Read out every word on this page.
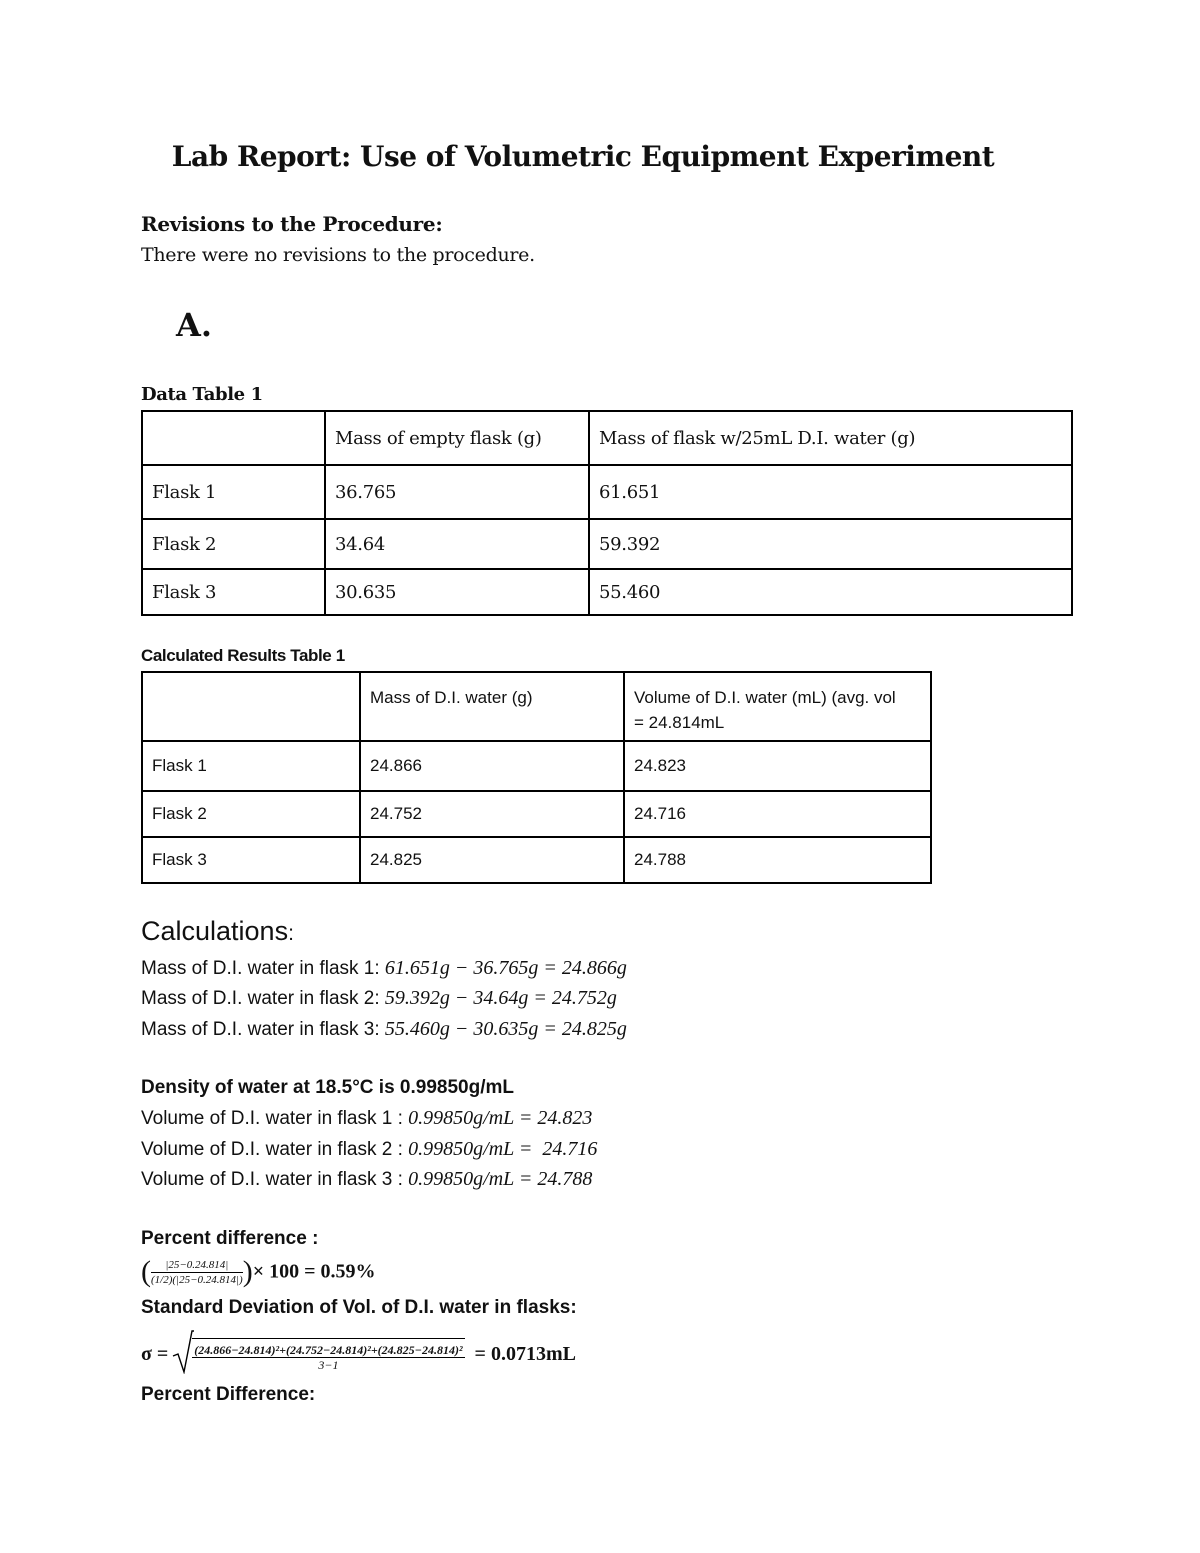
Lab Report: Use of Volumetric Equipment Experiment
Revisions to the Procedure:
There were no revisions to the procedure.
A.
Data Table 1
	Mass of empty flask (g)	Mass of flask w/25mL D.I. water (g)
Flask 1	36.765	61.651
Flask 2	34.64	59.392
Flask 3	30.635	55.460
Calculated Results Table 1
	Mass of D.I. water (g)	Volume of D.I. water (mL) (avg. vol = 24.814mL
Flask 1	24.866	24.823
Flask 2	24.752	24.716
Flask 3	24.825	24.788
Calculations:
Mass of D.I. water in flask 1: 61.651g − 36.765g = 24.866g
Mass of D.I. water in flask 2: 59.392g − 34.64g = 24.752g
Mass of D.I. water in flask 3: 55.460g − 30.635g = 24.825g
Density of water at 18.5°C is 0.99850g/mL
Volume of D.I. water in flask 1 : 0.99850g/mL = 24.823
Volume of D.I. water in flask 2 : 0.99850g/mL =  24.716
Volume of D.I. water in flask 3 : 0.99850g/mL = 24.788
Percent difference :
( $\frac{|25-0.24.814|}{(1/2)(|25-0.24.814|)}$ )× 100 = 0.59%
Standard Deviation of Vol. of D.I. water in flasks:
$\sigma = \frac{\text{(24.866−24.814)²+(24.752−24.814)²+(24.825−24.814)²}}{3-1} = 0.0713mL$
Percent Difference:
